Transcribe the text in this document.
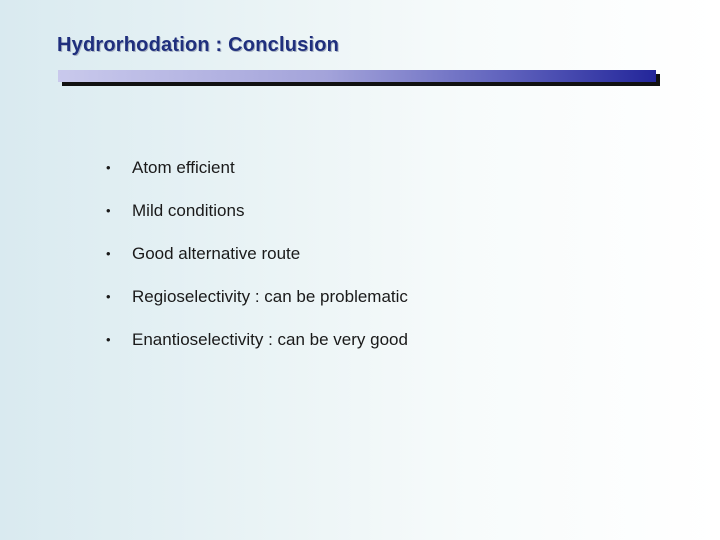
Hydrorhodation : Conclusion
• Atom efficient
• Mild conditions
• Good alternative route
• Regioselectivity : can be problematic
• Enantioselectivity : can be very good
